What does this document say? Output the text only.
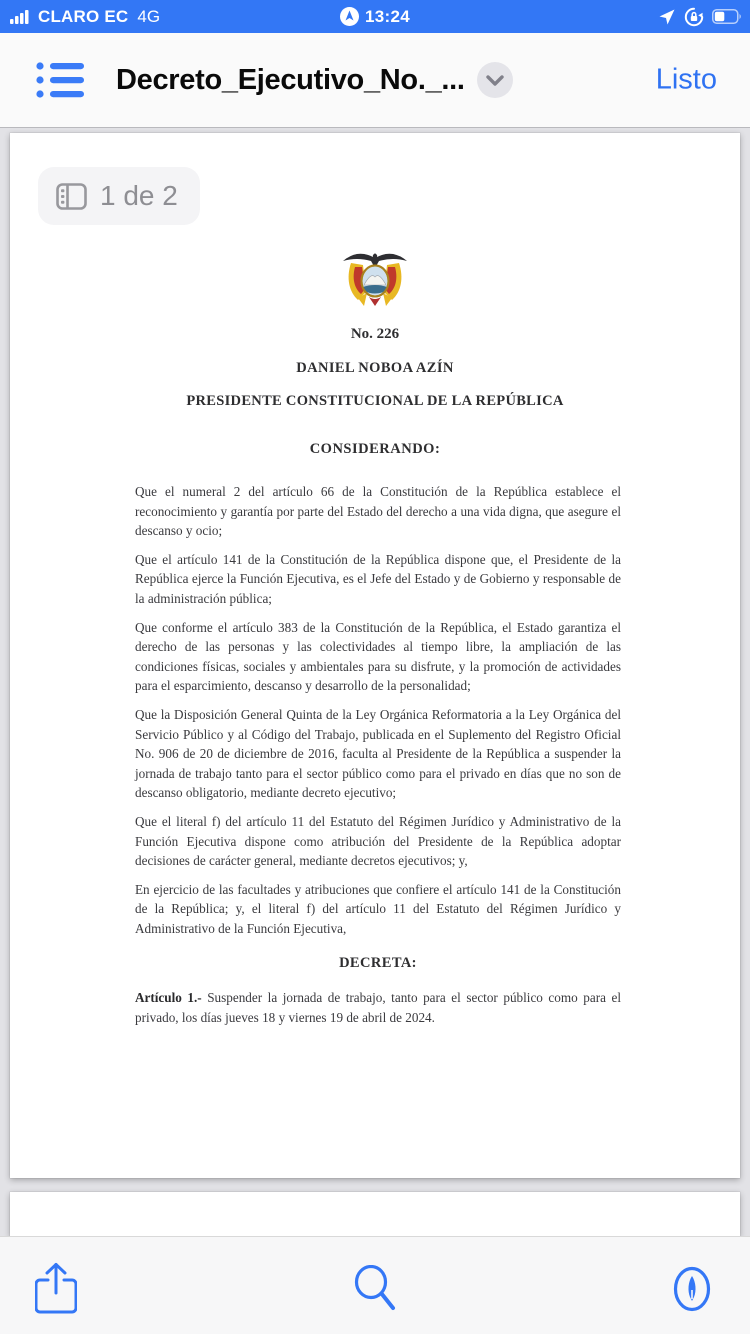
CLARO EC 4G	13:24
Decreto_Ejecutivo_No._...	Listo
1 de 2
No. 226
DANIEL NOBOA AZÍN
PRESIDENTE CONSTITUCIONAL DE LA REPÚBLICA
CONSIDERANDO:

Que el numeral 2 del artículo 66 de la Constitución de la República establece el reconocimiento y garantía por parte del Estado del derecho a una vida digna, que asegure el descanso y ocio;

Que el artículo 141 de la Constitución de la República dispone que, el Presidente de la República ejerce la Función Ejecutiva, es el Jefe del Estado y de Gobierno y responsable de la administración pública;

Que conforme el artículo 383 de la Constitución de la República, el Estado garantiza el derecho de las personas y las colectividades al tiempo libre, la ampliación de las condiciones físicas, sociales y ambientales para su disfrute, y la promoción de actividades para el esparcimiento, descanso y desarrollo de la personalidad;

Que la Disposición General Quinta de la Ley Orgánica Reformatoria a la Ley Orgánica del Servicio Público y al Código del Trabajo, publicada en el Suplemento del Registro Oficial No. 906 de 20 de diciembre de 2016, faculta al Presidente de la República a suspender la jornada de trabajo tanto para el sector público como para el privado en días que no son de descanso obligatorio, mediante decreto ejecutivo;

Que el literal f) del artículo 11 del Estatuto del Régimen Jurídico y Administrativo de la Función Ejecutiva dispone como atribución del Presidente de la República adoptar decisiones de carácter general, mediante decretos ejecutivos; y,

En ejercicio de las facultades y atribuciones que confiere el artículo 141 de la Constitución de la República; y, el literal f) del artículo 11 del Estatuto del Régimen Jurídico y Administrativo de la Función Ejecutiva,

DECRETA:

Artículo 1.- Suspender la jornada de trabajo, tanto para el sector público como para el privado, los días jueves 18 y viernes 19 de abril de 2024.
